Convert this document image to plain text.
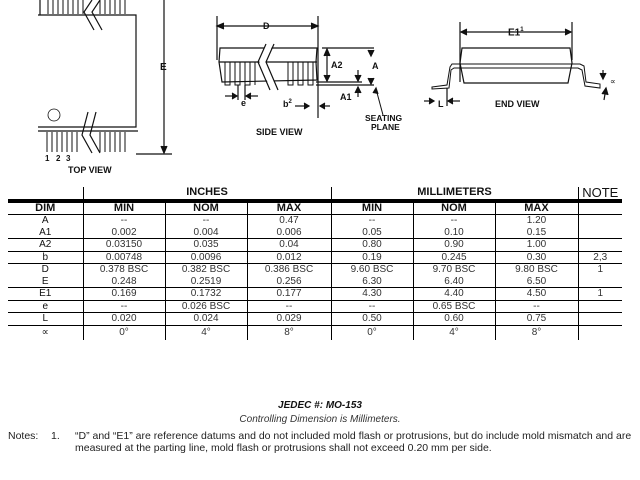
E
1 2 3
TOP VIEW
D
e	$b^2$
A2	A
A1
SEATING
PLANE
SIDE VIEW
$E1^1$
L
∝
END VIEW
	INCHES			MILLIMETERS			NOTE
DIM	MIN	NOM	MAX	MIN	NOM	MAX	
A	--	--	0.47	--	--	1.20	
A1	0.002	0.004	0.006	0.05	0.10	0.15	
A2	0.03150	0.035	0.04	0.80	0.90	1.00	
b	0.00748	0.0096	0.012	0.19	0.245	0.30	2,3
D	0.378 BSC	0.382 BSC	0.386 BSC	9.60 BSC	9.70 BSC	9.80 BSC	1
E	0.248	0.2519	0.256	6.30	6.40	6.50	
E1	0.169	0.1732	0.177	4.30	4.40	4.50	1
e	--	0.026 BSC	--	--	0.65 BSC	--	
L	0.020	0.024	0.029	0.50	0.60	0.75	
∝	0°	4°	8°	0°	4°	8°	
JEDEC #: MO-153
Controlling Dimension is Millimeters.
Notes: 1. “D” and “E1” are reference datums and do not included mold flash or protrusions, but do include mold mismatch and are measured at the parting line, mold flash or protrusions shall not exceed 0.20 mm per side.
